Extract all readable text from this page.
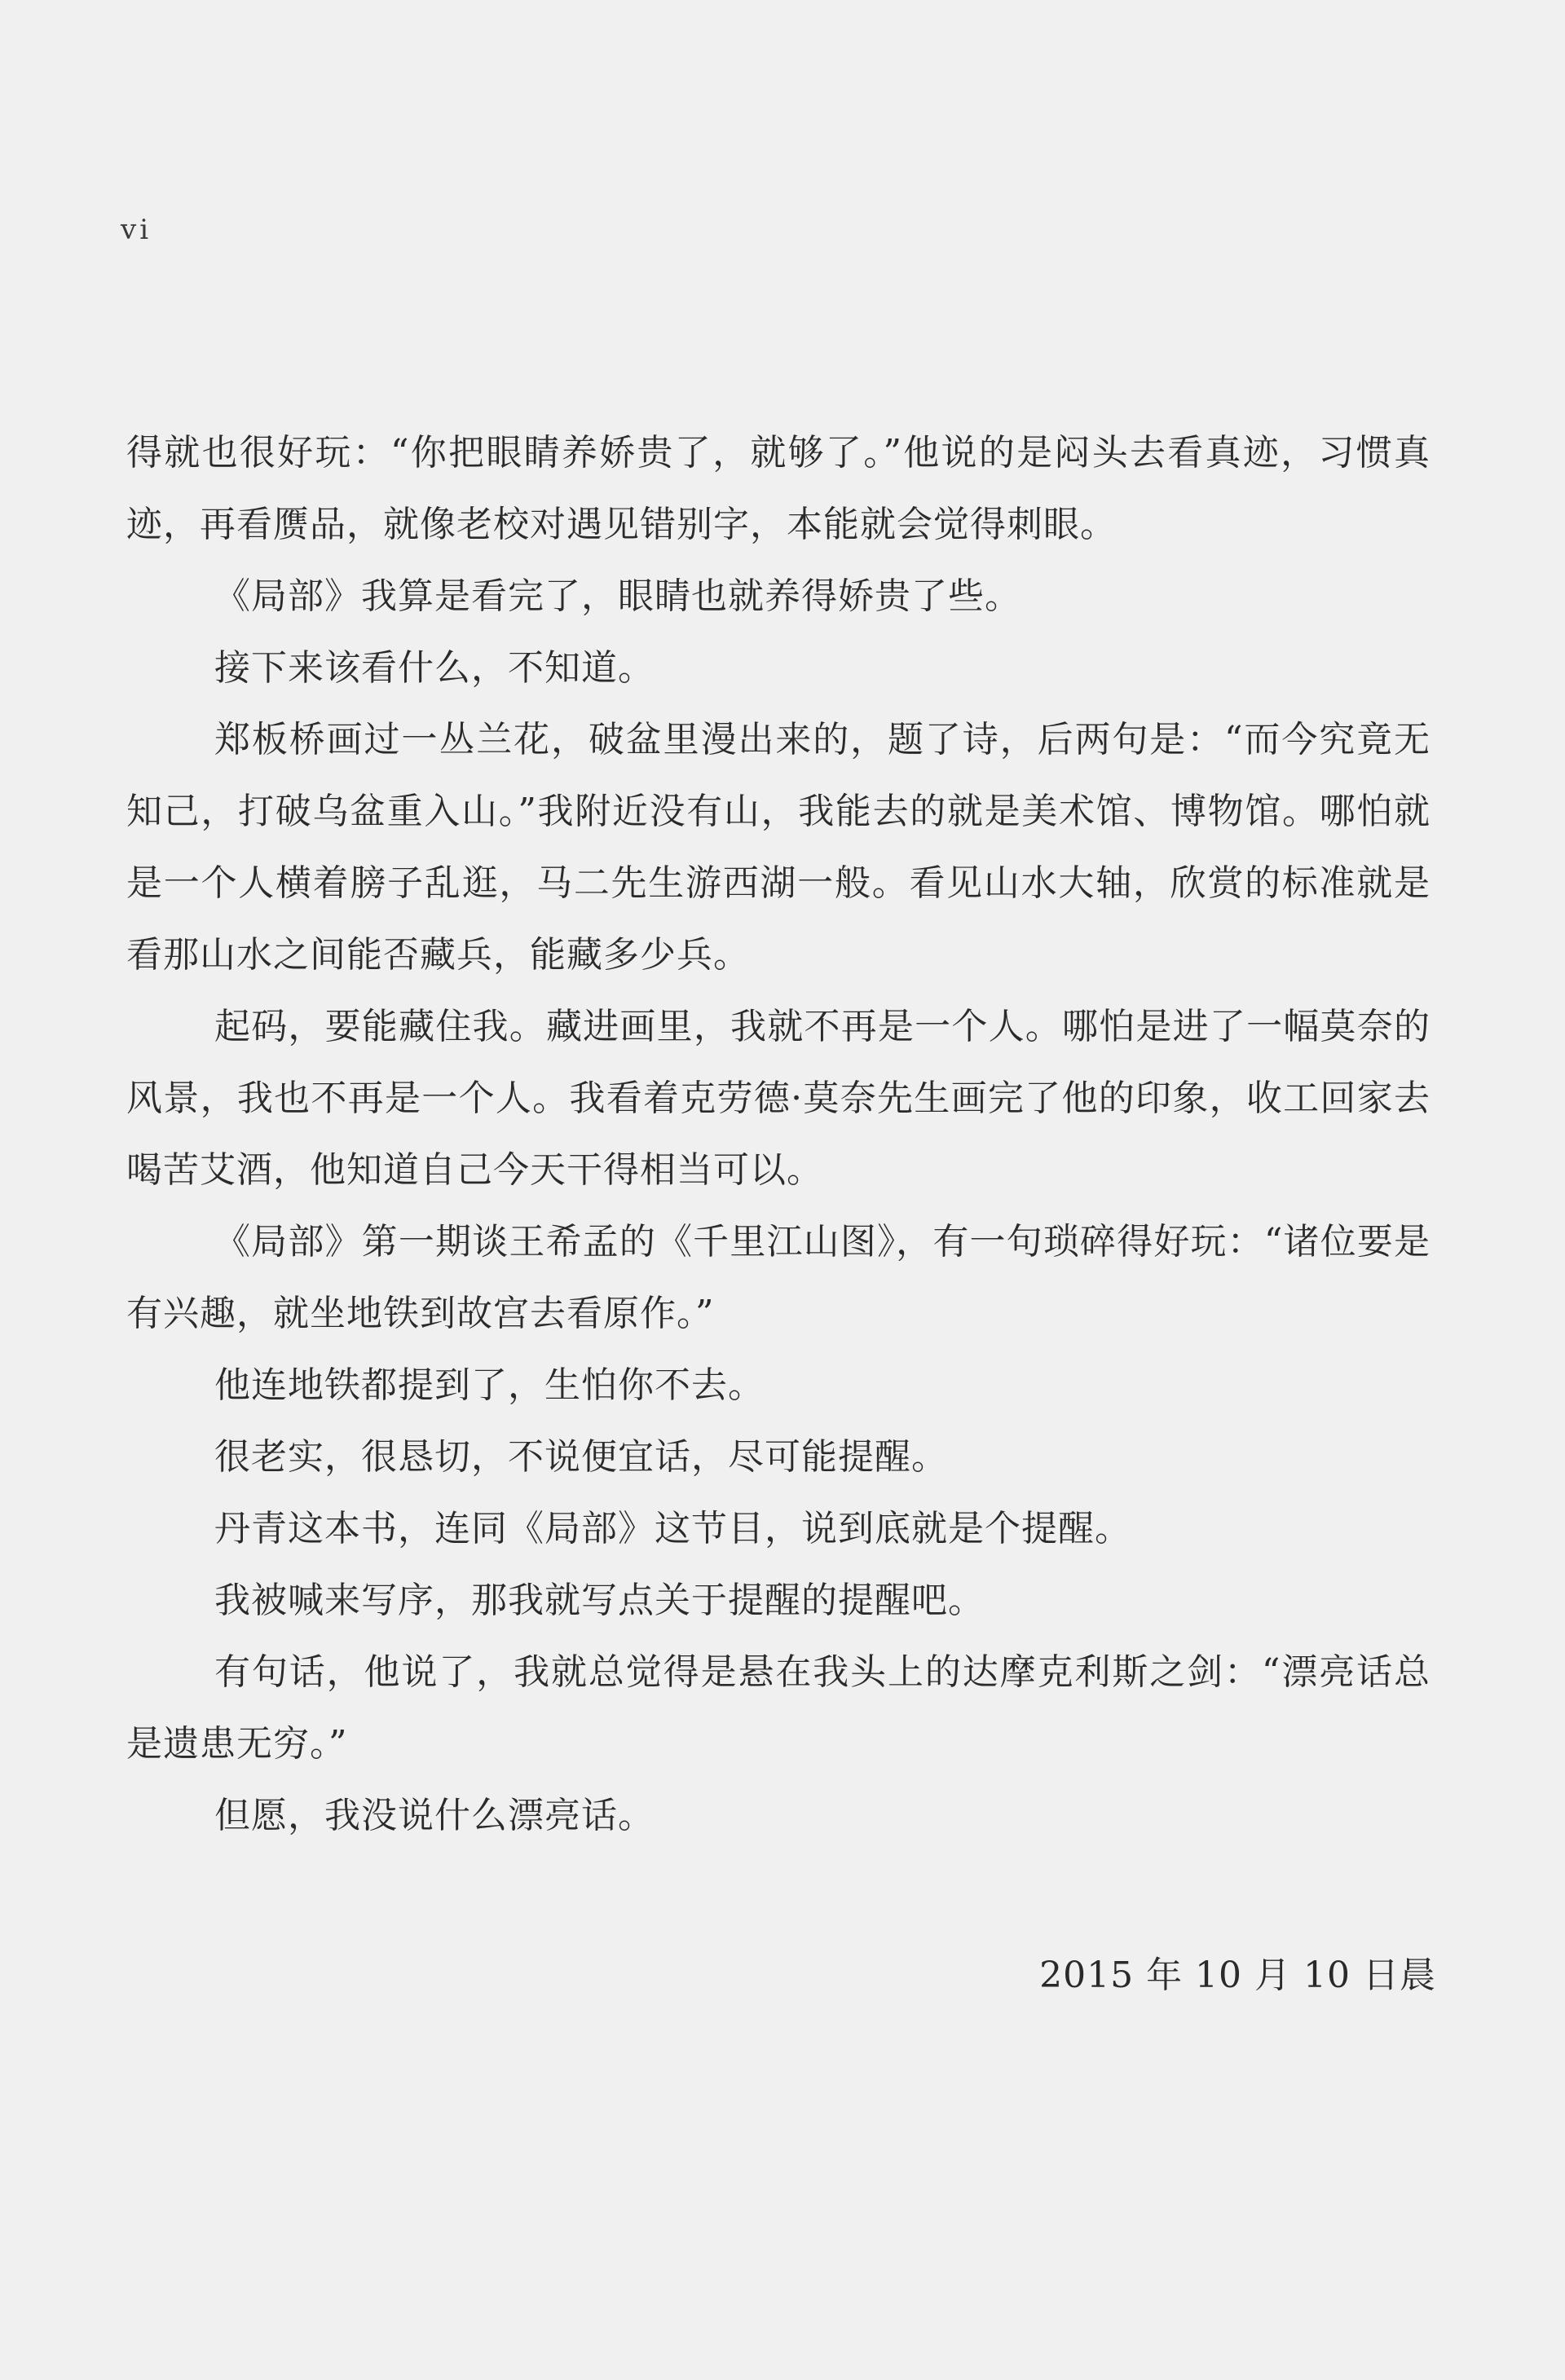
vi

得就也很好玩：“你把眼睛养娇贵了，就够了。”他说的是闷头去看真迹，习惯真迹，再看赝品，就像老校对遇见错别字，本能就会觉得刺眼。

《局部》我算是看完了，眼睛也就养得娇贵了些。

接下来该看什么，不知道。

郑板桥画过一丛兰花，破盆里漫出来的，题了诗，后两句是：“而今究竟无知己，打破乌盆重入山。”我附近没有山，我能去的就是美术馆、博物馆。哪怕就是一个人横着膀子乱逛，马二先生游西湖一般。看见山水大轴，欣赏的标准就是看那山水之间能否藏兵，能藏多少兵。

起码，要能藏住我。藏进画里，我就不再是一个人。哪怕是进了一幅莫奈的风景，我也不再是一个人。我看着克劳德·莫奈先生画完了他的印象，收工回家去喝苦艾酒，他知道自己今天干得相当可以。

《局部》第一期谈王希孟的《千里江山图》，有一句琐碎得好玩：“诸位要是有兴趣，就坐地铁到故宫去看原作。”

他连地铁都提到了，生怕你不去。

很老实，很恳切，不说便宜话，尽可能提醒。

丹青这本书，连同《局部》这节目，说到底就是个提醒。

我被喊来写序，那我就写点关于提醒的提醒吧。

有句话，他说了，我就总觉得是悬在我头上的达摩克利斯之剑：“漂亮话总是遗患无穷。”

但愿，我没说什么漂亮话。

2015 年 10 月 10 日晨
